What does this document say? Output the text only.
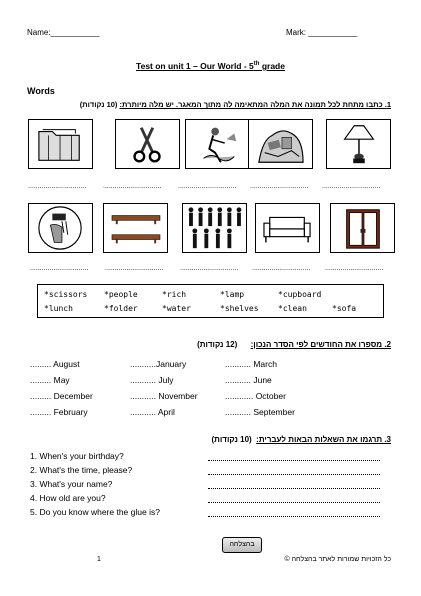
Name:___________	Mark: ___________
Test on unit 1 – Our World - 5th grade
Words
1. כתבו מתחת לכל תמונה את המלה המתאימה לה מתוך המאגר. יש מלה מיותרת: (10 נקודות)
.............................. .............................. .............................. .............................. ..............................
.............................. .............................. .............................. .............................. ..............................
*scissors *people	*rich	*lamp	*cupboard
*lunch	*folder	*water	*shelves *clean	*sofa
2. מספרו את החודשים לפי הסדר הנכון:      (12 נקודות)
......... August	...........January	........... March
......... May	........... July	........... June
......... December	........... November	............ October
......... February	........... April	........... September
3. תרגמו את השאלות הבאות לעברית:  (10 נקודות)
1. When's your birthday?
2. What's the time, please?
3. What's your name?
4. How old are you?
5. Do you know where the glue is?
1
בהצלחה
כל הזכויות שמורות לאתר בהצלחה ©
